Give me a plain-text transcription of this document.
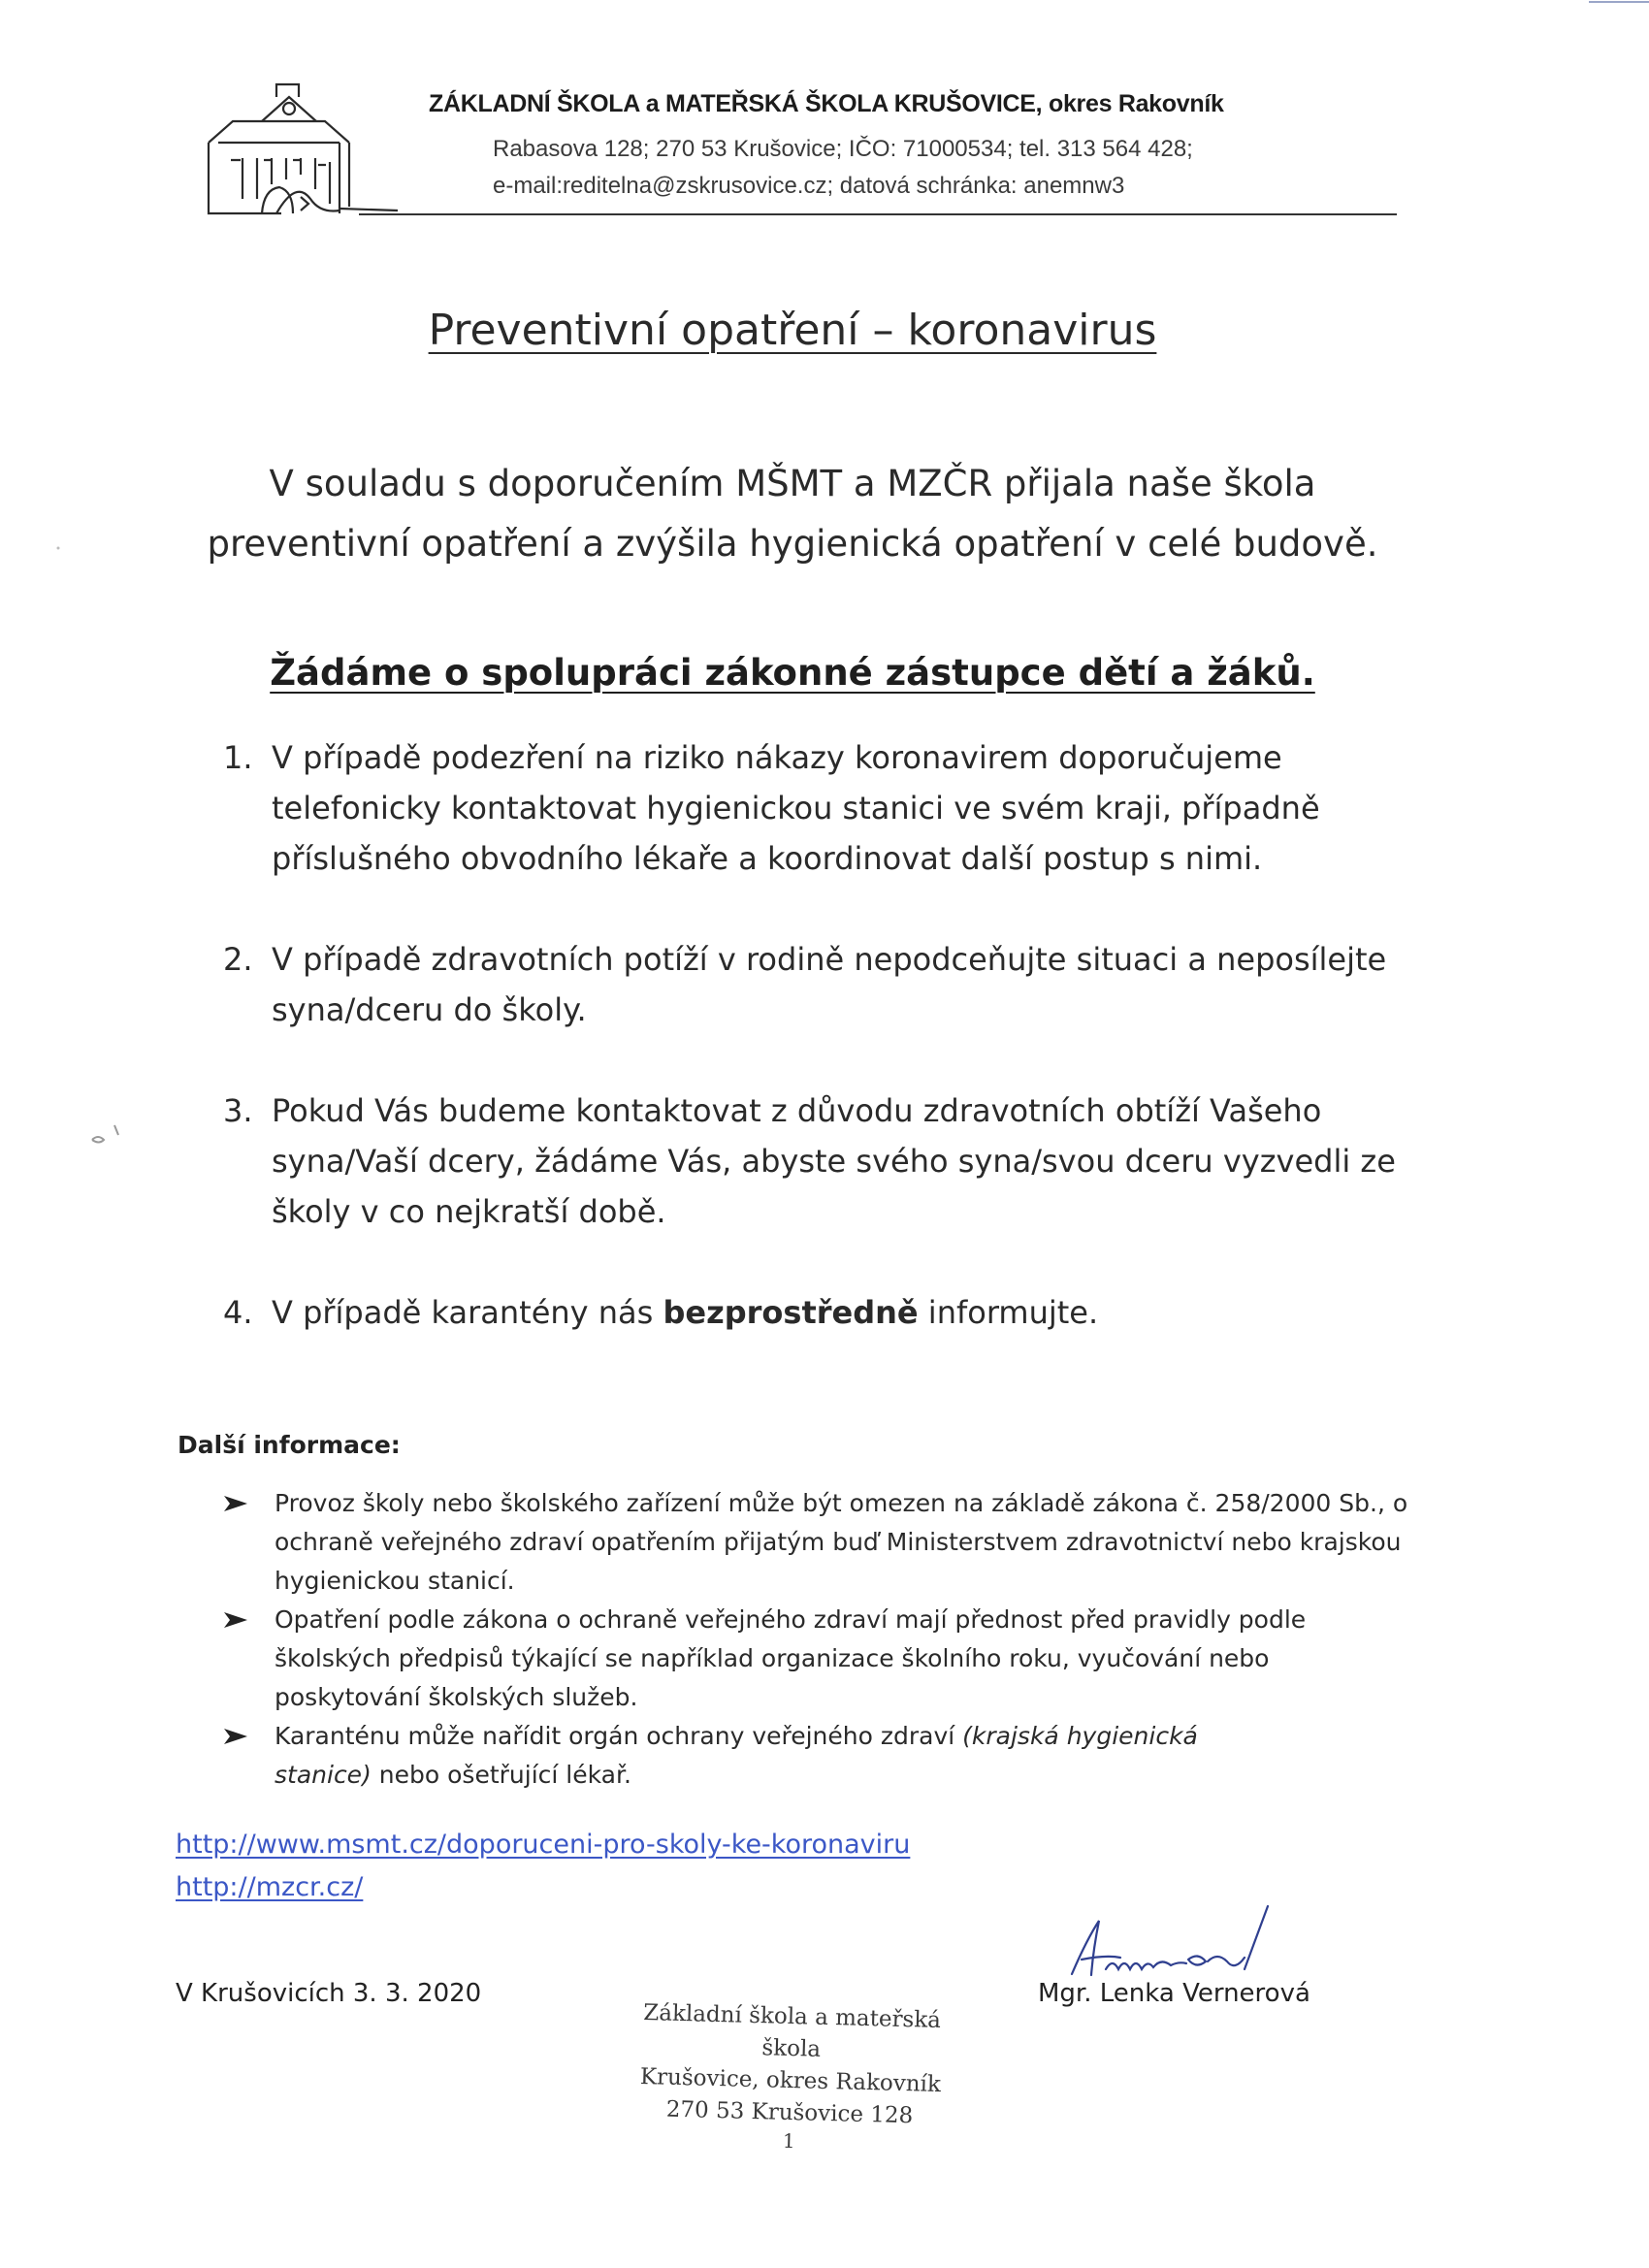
ZÁKLADNÍ ŠKOLA a MATEŘSKÁ ŠKOLA KRUŠOVICE, okres Rakovník
Rabasova 128; 270 53 Krušovice; IČO: 71000534; tel. 313 564 428;
e-mail:reditelna@zskrusovice.cz; datová schránka: anemnw3
Preventivní opatření – koronavirus
V souladu s doporučením MŠMT a MZČR přijala naše škola
preventivní opatření a zvýšila hygienická opatření v celé budově.
Žádáme o spolupráci zákonné zástupce dětí a žáků.
1. V případě podezření na riziko nákazy koronavirem doporučujeme telefonicky kontaktovat hygienickou stanici ve svém kraji, případně příslušného obvodního lékaře a koordinovat další postup s nimi.
2. V případě zdravotních potíží v rodině nepodceňujte situaci a neposílejte syna/dceru do školy.
3. Pokud Vás budeme kontaktovat z důvodu zdravotních obtíží Vašeho syna/Vaší dcery, žádáme Vás, abyste svého syna/svou dceru vyzvedli ze školy v co nejkratší době.
4. V případě karantény nás bezprostředně informujte.
Další informace:
Provoz školy nebo školského zařízení může být omezen na základě zákona č. 258/2000 Sb., o
ochraně veřejného zdraví opatřením přijatým buď Ministerstvem zdravotnictví nebo krajskou
hygienickou stanicí.
Opatření podle zákona o ochraně veřejného zdraví mají přednost před pravidly podle
školských předpisů týkající se například organizace školního roku, vyučování nebo
poskytování školských služeb.
Karanténu může nařídit orgán ochrany veřejného zdraví (krajská hygienická
stanice) nebo ošetřující lékař.
http://www.msmt.cz/doporuceni-pro-skoly-ke-koronaviru
http://mzcr.cz/
V Krušovicích 3. 3. 2020	Mgr. Lenka Vernerová
Základní škola a mateřská škola
Krušovice, okres Rakovník
270 53 Krušovice 128
1
